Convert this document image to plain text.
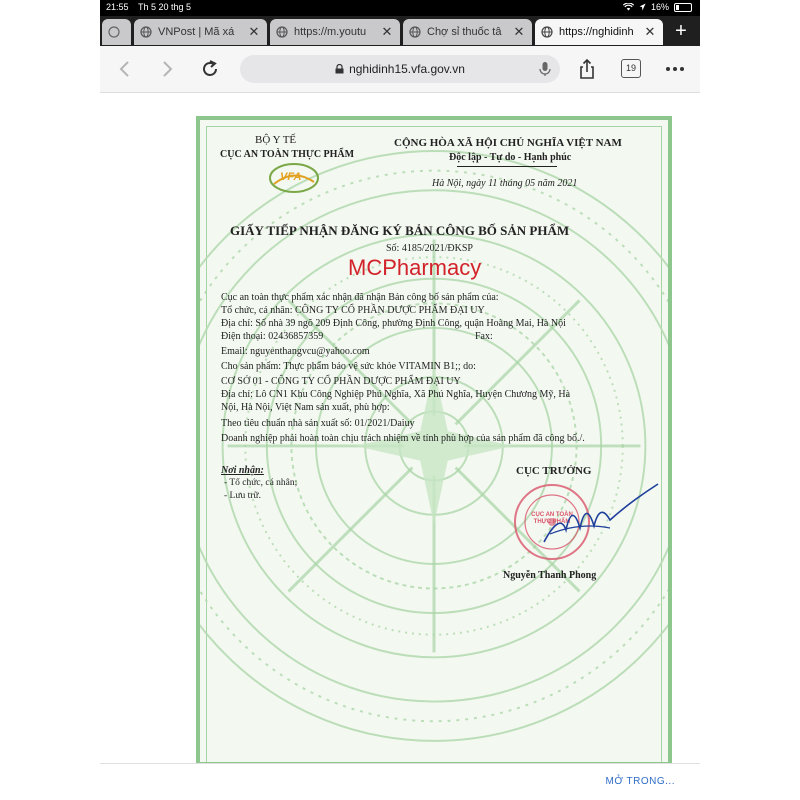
21:55 Th 5 20 thg 5	16%
VNPost | Mã xá	✕	https://m.youtu	✕	Chợ sỉ thuốc tâ ✕	https://nghidinh ✕ +
nghidinh15.vfa.gov.vn	19
BỘ Y TẾ
CỤC AN TOÀN THỰC PHẨM
VFA
CỘNG HÒA XÃ HỘI CHỦ NGHĨA VIỆT NAM
Độc lập - Tự do - Hạnh phúc
Hà Nội, ngày 11 tháng 05 năm 2021
GIẤY TIẾP NHẬN ĐĂNG KÝ BẢN CÔNG BỐ SẢN PHẨM
Số: 4185/2021/ĐKSP
MCPharmacy
Cục an toàn thực phẩm xác nhận đã nhận Bản công bố sản phẩm của:
Tổ chức, cá nhân: CÔNG TY CỔ PHẦN DƯỢC PHẨM ĐẠI UY
Địa chỉ: Số nhà 39 ngõ 209 Định Công, phường Định Công, quận Hoàng Mai, Hà Nội
Điện thoại: 02436857359	Fax:
Email: nguyenthangvcu@yahoo.com
Cho sản phẩm: Thực phẩm bảo vệ sức khỏe VITAMIN B1;; do:
CƠ SỞ 01 - CÔNG TY CỔ PHẦN DƯỢC PHẨM ĐẠI UY
Địa chỉ: Lô CN1 Khu Công Nghiệp Phú Nghĩa, Xã Phú Nghĩa, Huyện Chương Mỹ, Hà
Nội, Hà Nội, Việt Nam sản xuất, phù hợp:
Theo tiêu chuẩn nhà sản xuất số: 01/2021/Daiuy
Doanh nghiệp phải hoàn toàn chịu trách nhiệm về tính phù hợp của sản phẩm đã công bố./.
Nơi nhận:
- Tổ chức, cá nhân;
- Lưu trữ.
CỤC TRƯỞNG
CỤC AN TOÀN THỰC PHẨM
Nguyễn Thanh Phong
MỞ TRONG...
